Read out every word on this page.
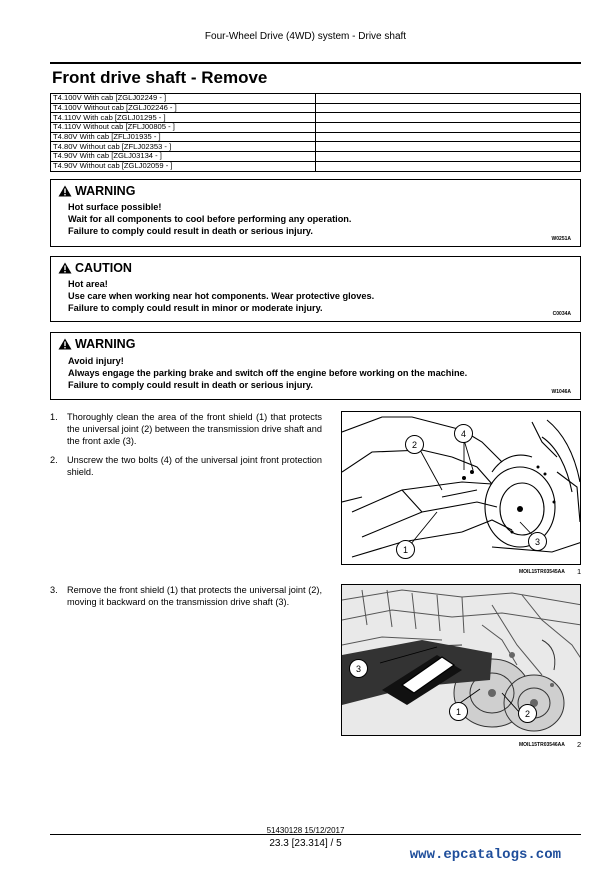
Four-Wheel Drive (4WD) system - Drive shaft
Front drive shaft - Remove
T4.100V With cab [ZGLJ02249 - ]	
T4.100V Without cab [ZGLJ02246 - ]	
T4.110V With cab [ZGLJ01295 - ]	
T4.110V Without cab [ZFLJ00805 - ]	
T4.80V With cab [ZFLJ01935 - ]	
T4.80V Without cab [ZFLJ02353 - ]	
T4.90V With cab [ZGLJ03134 - ]	
T4.90V Without cab [ZGLJ02059 - ]	
WARNING
Hot surface possible!
Wait for all components to cool before performing any operation.
Failure to comply could result in death or serious injury.
W0251A
CAUTION
Hot area!
Use care when working near hot components. Wear protective gloves.
Failure to comply could result in minor or moderate injury.
C0034A
WARNING
Avoid injury!
Always engage the parking brake and switch off the engine before working on the machine.
Failure to comply could result in death or serious injury.
W1046A
1.	Thoroughly clean the area of the front shield (1) that protects the universal joint (2) between the transmission drive shaft and the front axle (3).
2.	Unscrew the two bolts (4) of the universal joint front protection shield.
3.	Remove the front shield (1) that protects the universal joint (2), moving it backward on the transmission drive shaft (3).
1
2
3
4
MOIL15TR03545AA 1
1	2
3
MOIL15TR03546AA 2
51430128 15/12/2017
23.3 [23.314] / 5
www.epcatalogs.com
